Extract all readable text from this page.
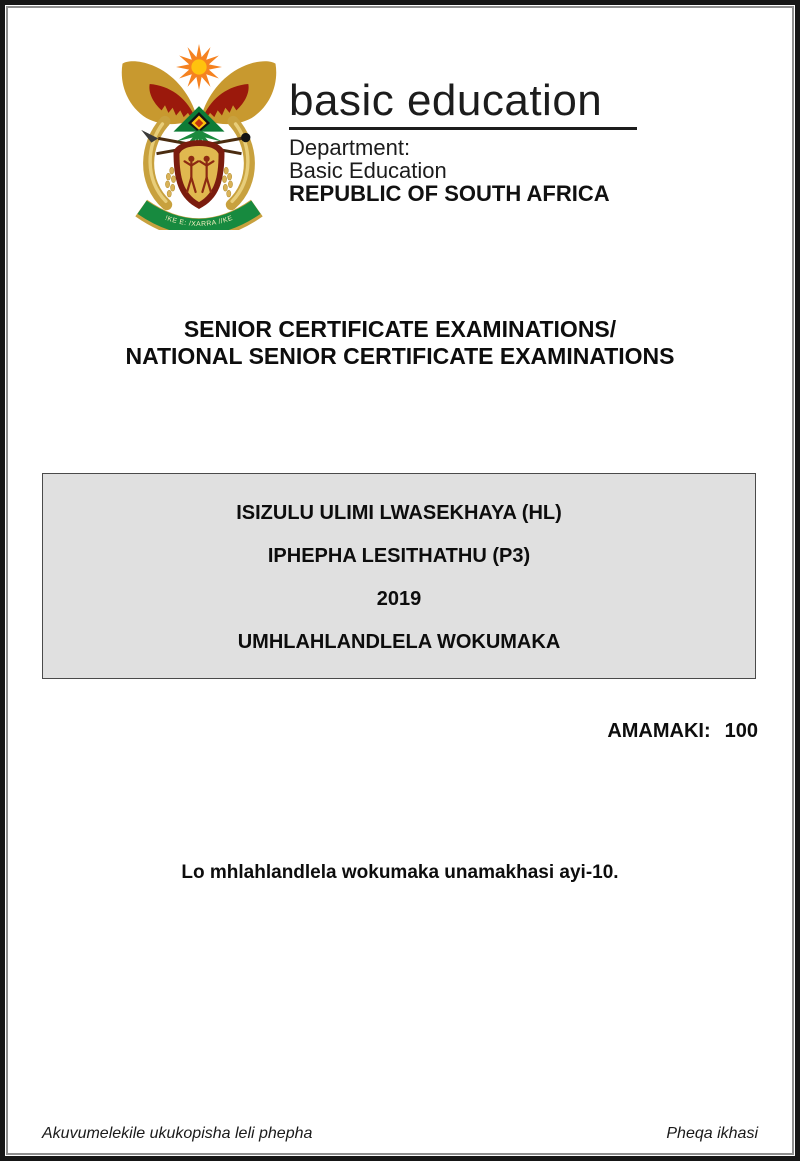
!KE E: /XARRA //KE
basic education
Department:
Basic Education
REPUBLIC OF SOUTH AFRICA
SENIOR CERTIFICATE EXAMINATIONS/
NATIONAL SENIOR CERTIFICATE EXAMINATIONS
ISIZULU ULIMI LWASEKHAYA (HL)
IPHEPHA LESITHATHU (P3)
2019
UMHLAHLANDLELA WOKUMAKA
AMAMAKI: 100
Lo mhlahlandlela wokumaka unamakhasi ayi-10.
Akuvumelekile ukukopisha leli phepha	Pheqa ikhasi
